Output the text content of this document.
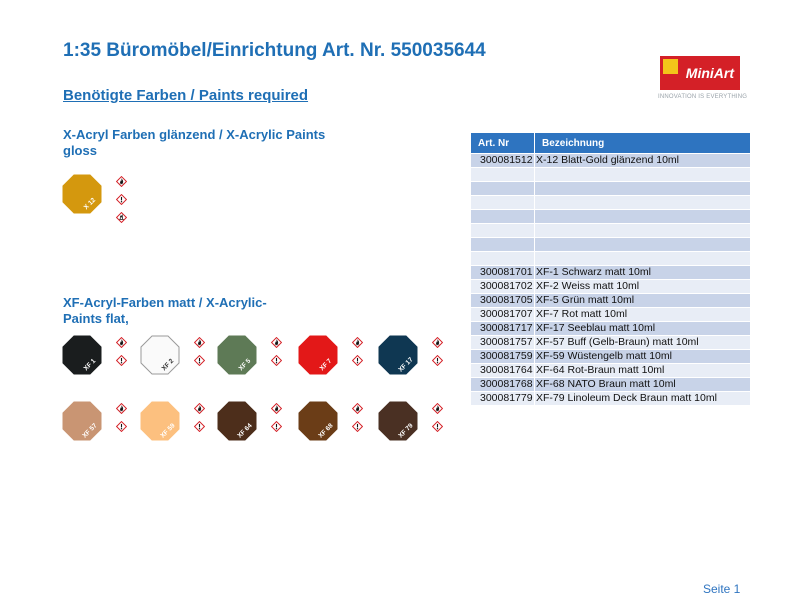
1:35 Büromöbel/Einrichtung Art. Nr. 550035644
Benötigte Farben / Paints required
MiniArt
INNOVATION IS EVERYTHING

X-Acryl Farben glänzend / X-Acrylic Paints gloss

XF-Acryl-Farben matt / X-Acrylic-Paints flat,

X 12
XF 1	XF 2	XF 5	XF 7	XF 17
XF 57	XF 59	XF 64	XF 68	XF 79
Art. Nr	Bezeichnung
300081512	X-12 Blatt-Gold glänzend 10ml

300081701	XF-1 Schwarz matt 10ml
300081702	XF-2 Weiss matt 10ml
300081705	XF-5 Grün matt 10ml
300081707	XF-7 Rot matt 10ml
300081717	XF-17 Seeblau matt 10ml
300081757	XF-57 Buff (Gelb-Braun) matt 10ml
300081759	XF-59 Wüstengelb matt 10ml
300081764	XF-64 Rot-Braun matt 10ml
300081768	XF-68 NATO Braun matt 10ml
300081779	XF-79 Linoleum Deck Braun matt 10ml
Seite 1
